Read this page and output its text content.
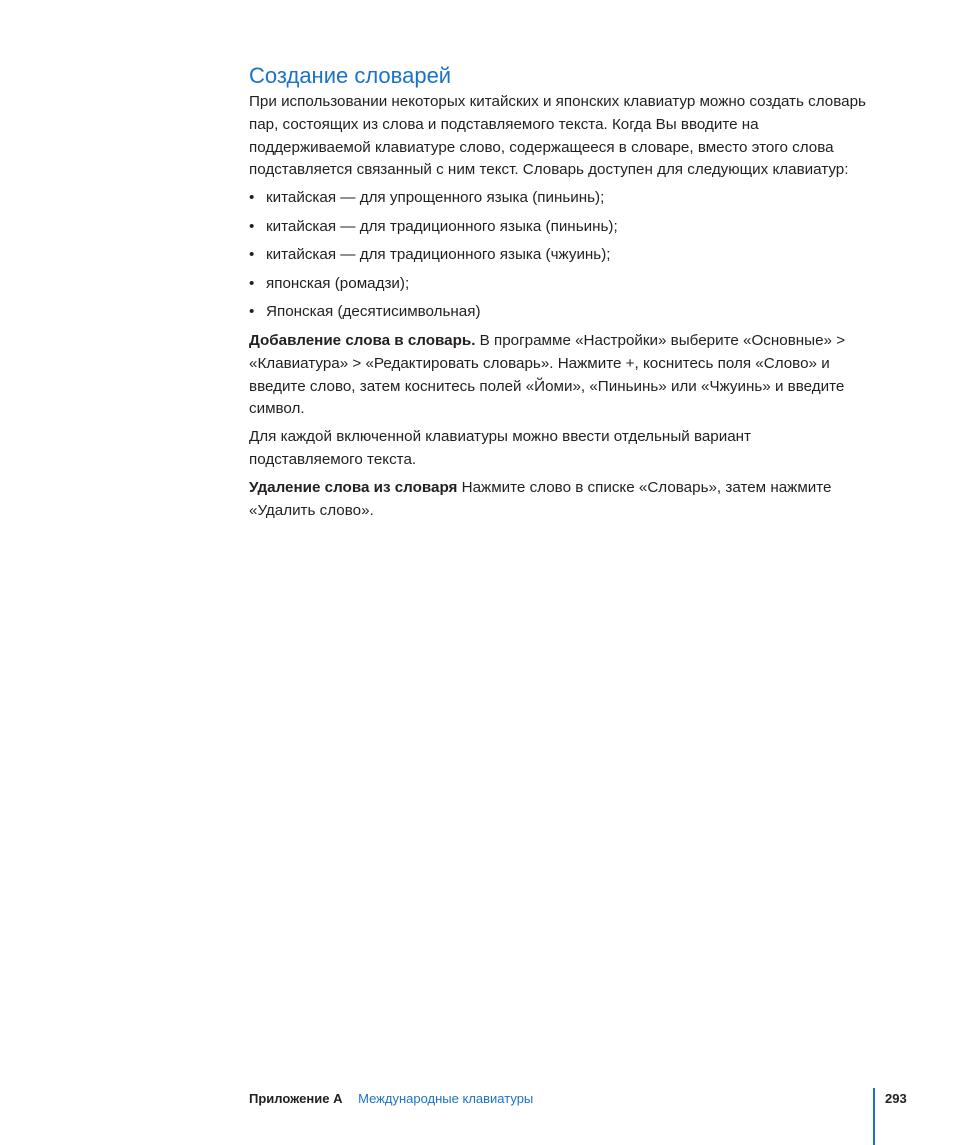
Создание словарей

При использовании некоторых китайских и японских клавиатур можно создать словарь пар, состоящих из слова и подставляемого текста. Когда Вы вводите на поддерживаемой клавиатуре слово, содержащееся в словаре, вместо этого слова подставляется связанный с ним текст. Словарь доступен для следующих клавиатур:

• китайская — для упрощенного языка (пиньинь);
• китайская — для традиционного языка (пиньинь);
• китайская — для традиционного языка (чжуинь);
• японская (ромадзи);
• Японская (десятисимвольная)

Добавление слова в словарь. В программе «Настройки» выберите «Основные» > «Клавиатура» > «Редактировать словарь». Нажмите +, коснитесь поля «Слово» и введите слово, затем коснитесь полей «Йоми», «Пиньинь» или «Чжуинь» и введите символ.

Для каждой включенной клавиатуры можно ввести отдельный вариант подставляемого текста.

Удаление слова из словаря Нажмите слово в списке «Словарь», затем нажмите «Удалить слово».

Приложение A Международные клавиатуры	293
